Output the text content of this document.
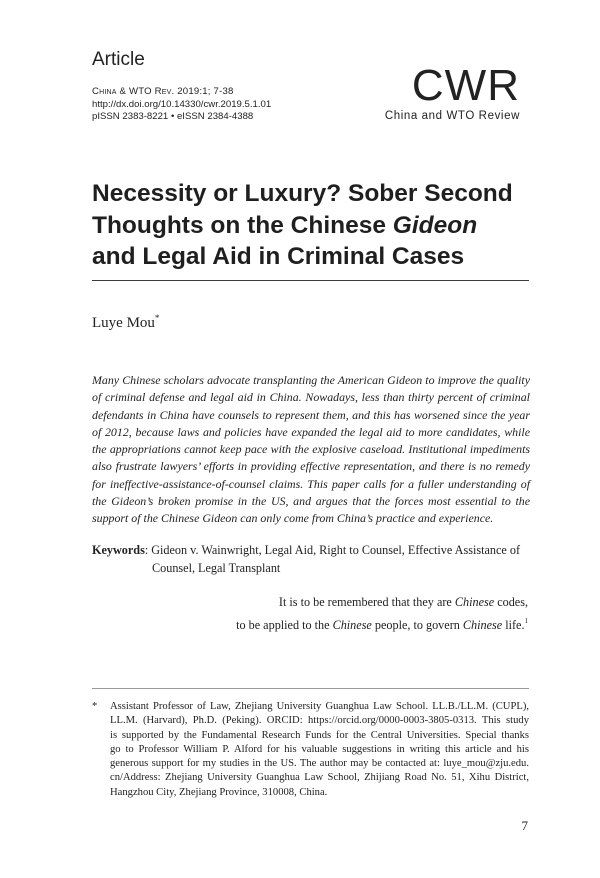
Article
China & WTO Rev. 2019:1; 7-38
http://dx.doi.org/10.14330/cwr.2019.5.1.01
pISSN 2383-8221 • eISSN 2384-4388
CWR
China and WTO Review
Necessity or Luxury? Sober Second
Thoughts on the Chinese Gideon
and Legal Aid in Criminal Cases
Luye Mou*
Many Chinese scholars advocate transplanting the American Gideon to improve the quality
of criminal defense and legal aid in China. Nowadays, less than thirty percent of criminal
defendants in China have counsels to represent them, and this has worsened since the year
of 2012, because laws and policies have expanded the legal aid to more candidates, while
the appropriations cannot keep pace with the explosive caseload. Institutional impediments
also frustrate lawyers’ efforts in providing effective representation, and there is no remedy
for ineffective-assistance-of-counsel claims. This paper calls for a fuller understanding of
the Gideon’s broken promise in the US, and argues that the forces most essential to the
support of the Chinese Gideon can only come from China’s practice and experience.
Keywords: Gideon v. Wainwright, Legal Aid, Right to Counsel, Effective Assistance of
Counsel, Legal Transplant
It is to be remembered that they are Chinese codes,
to be applied to the Chinese people, to govern Chinese life.$^1$
* Assistant Professor of Law, Zhejiang University Guanghua Law School. LL.B./LL.M. (CUPL),
LL.M. (Harvard), Ph.D. (Peking). ORCID: https://orcid.org/0000-0003-3805-0313. This study
is supported by the Fundamental Research Funds for the Central Universities. Special thanks
go to Professor William P. Alford for his valuable suggestions in writing this article and his
generous support for my studies in the US. The author may be contacted at: luye_mou@zju.edu.
cn/Address: Zhejiang University Guanghua Law School, Zhijiang Road No. 51, Xihu District,
Hangzhou City, Zhejiang Province, 310008, China.
7
